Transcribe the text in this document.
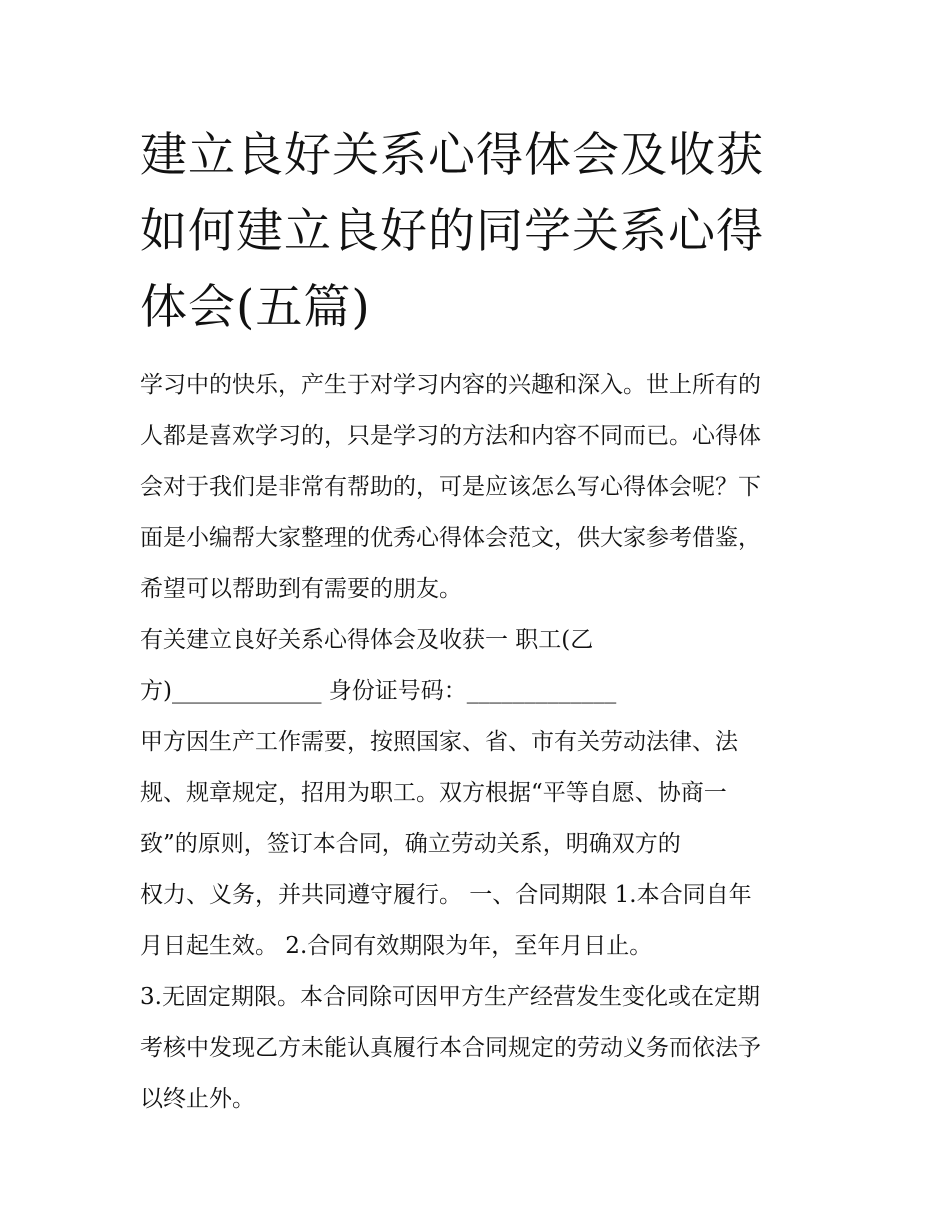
建立良好关系心得体会及收获
如何建立良好的同学关系心得
体会(五篇)
学习中的快乐，产生于对学习内容的兴趣和深入。世上所有的
人都是喜欢学习的，只是学习的方法和内容不同而已。心得体
会对于我们是非常有帮助的，可是应该怎么写心得体会呢？下
面是小编帮大家整理的优秀心得体会范文，供大家参考借鉴，
希望可以帮助到有需要的朋友。
有关建立良好关系心得体会及收获一 职工(乙
方)_____________ 身份证号码：_____________
甲方因生产工作需要，按照国家、省、市有关劳动法律、法
规、规章规定，招用为职工。双方根据“平等自愿、协商一
致”的原则，签订本合同，确立劳动关系，明确双方的
权力、义务，并共同遵守履行。 一、合同期限 1.本合同自年
月日起生效。 2.合同有效期限为年，至年月日止。
3.无固定期限。本合同除可因甲方生产经营发生变化或在定期
考核中发现乙方未能认真履行本合同规定的劳动义务而依法予
以终止外。
